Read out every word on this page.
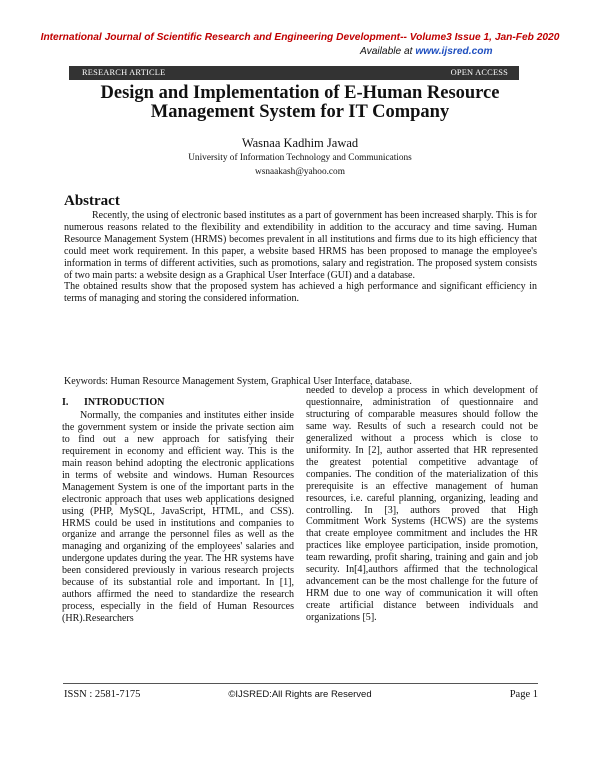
International Journal of Scientific Research and Engineering Development-- Volume3 Issue 1, Jan-Feb 2020
Available at www.ijsred.com
RESEARCH ARTICLE	OPEN ACCESS
Design and Implementation of E-Human Resource Management System for IT Company
Wasnaa Kadhim Jawad
University of Information Technology and Communications
wsnaakash@yahoo.com
Abstract

Recently, the using of electronic based institutes as a part of government has been increased sharply. This is for numerous reasons related to the flexibility and extendibility in addition to the accuracy and time saving. Human Resource Management System (HRMS) becomes prevalent in all institutions and firms due to its high efficiency that could meet work requirement. In this paper, a website based HRMS has been proposed to manage the employee's information in terms of different activities, such as promotions, salary and registration. The proposed system consists of two main parts: a website design as a Graphical User Interface (GUI) and a database.

The obtained results show that the proposed system has achieved a high performance and significant efficiency in terms of managing and storing the considered information.

Keywords: Human Resource Management System, Graphical User Interface, database.
I. INTRODUCTION

Normally, the companies and institutes either inside the government system or inside the private section aim to find out a new approach for satisfying their requirement in economy and efficient way. This is the main reason behind adopting the electronic applications in terms of website and windows. Human Resources Management System is one of the important parts in the electronic approach that uses web applications designed using (PHP, MySQL, JavaScript, HTML, and CSS). HRMS could be used in institutions and companies to organize and arrange the personnel files as well as the managing and organizing of the employees' salaries and undergone updates during the year. The HR systems have been considered previously in various research projects because of its substantial role and important. In [1], authors affirmed the need to standardize the research process, especially in the field of Human Resources (HR).Researchers

needed to develop a process in which development of questionnaire, administration of questionnaire and structuring of comparable measures should follow the same way. Results of such a research could not be generalized without a process which is close to uniformity. In [2], author asserted that HR represented the greatest potential competitive advantage of companies. The condition of the materialization of this prerequisite is an effective management of human resources, i.e. careful planning, organizing, leading and controlling. In [3], authors proved that High Commitment Work Systems (HCWS) are the systems that create employee commitment and includes the HR practices like employee participation, inside promotion, team rewarding, profit sharing, training and gain and job security. In[4],authors affirmed that the technological advancement can be the most challenge for the future of HRM due to one way of communication it will often create artificial distance between individuals and organizations [5].

ISSN : 2581-7175	©IJSRED:All Rights are Reserved	Page 1
